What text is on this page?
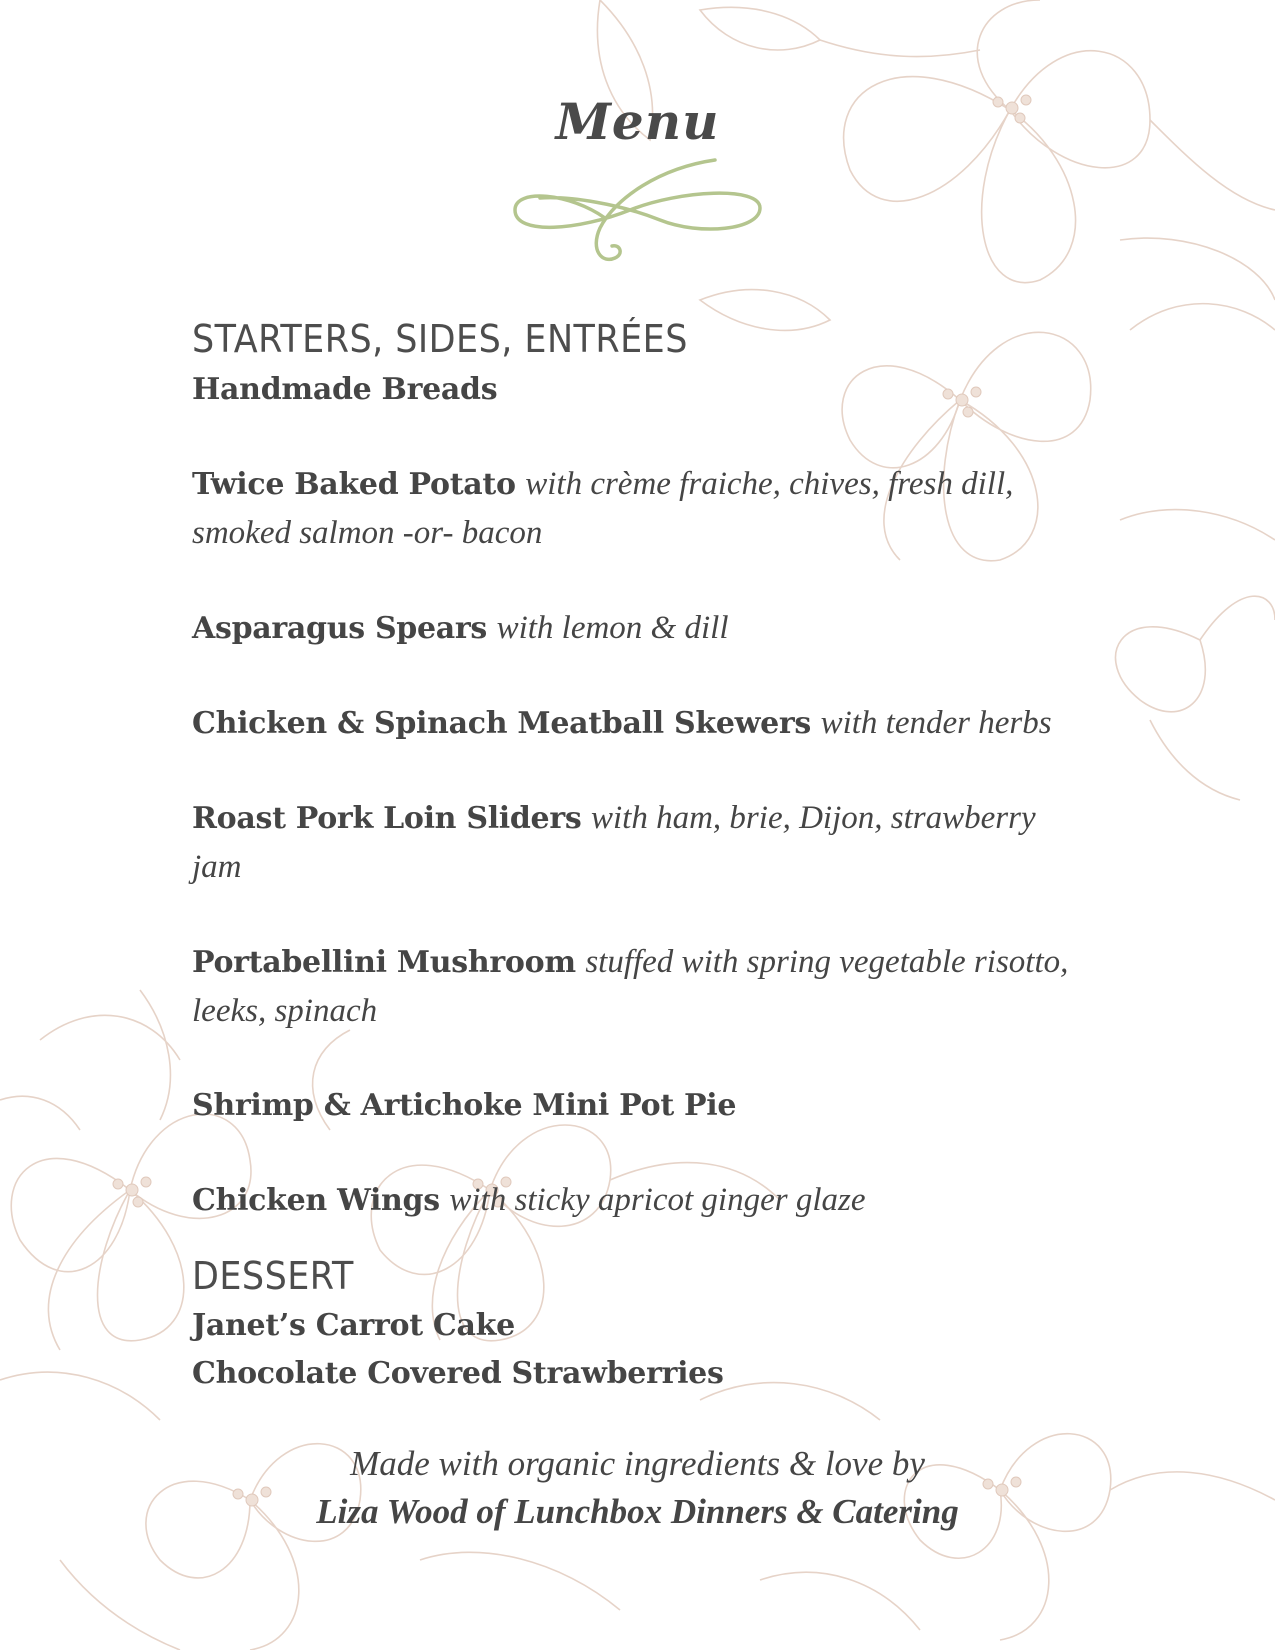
Menu
STARTERS, SIDES, ENTRÉES
Handmade Breads
Twice Baked Potato with crème fraiche, chives, fresh dill, smoked salmon -or- bacon
Asparagus Spears with lemon & dill
Chicken & Spinach Meatball Skewers with tender herbs
Roast Pork Loin Sliders with ham, brie, Dijon, strawberry jam
Portabellini Mushroom stuffed with spring vegetable risotto, leeks, spinach
Shrimp & Artichoke Mini Pot Pie
Chicken Wings with sticky apricot ginger glaze
DESSERT
Janet’s Carrot Cake
Chocolate Covered Strawberries
Made with organic ingredients & love by
Liza Wood of Lunchbox Dinners & Catering
